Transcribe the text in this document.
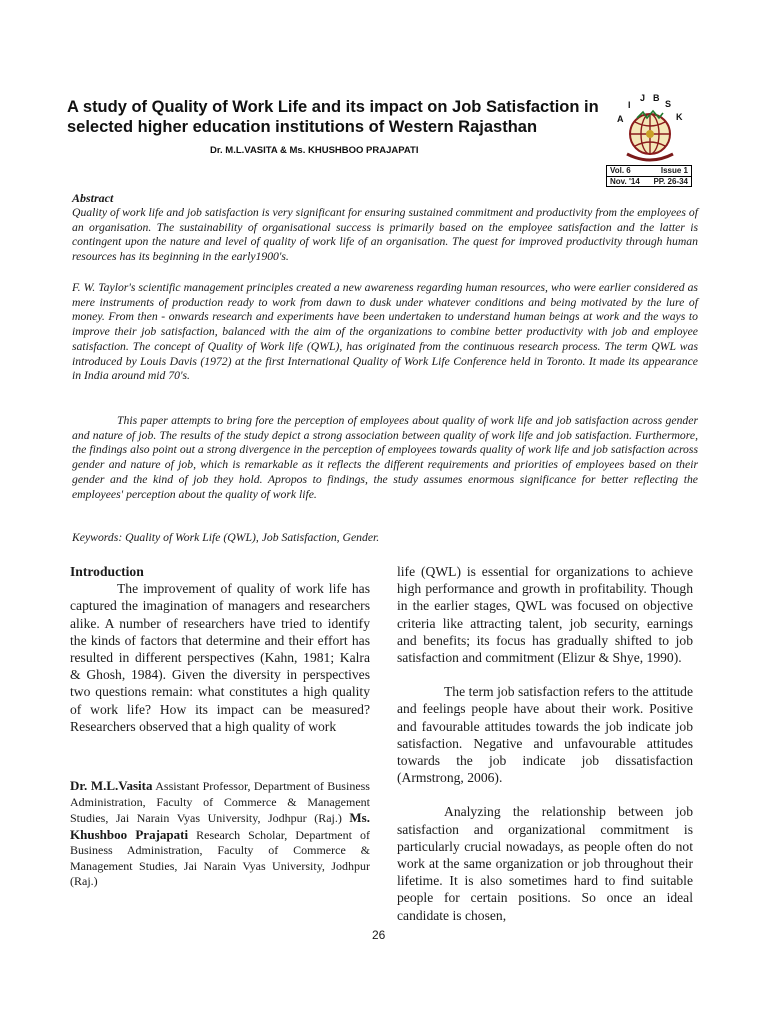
A study of Quality of Work Life and its impact on Job Satisfaction in selected higher education institutions of Western Rajasthan
Dr. M.L.VASITA & Ms. KHUSHBOO PRAJAPATI
A
I
J B
S
K
Vol. 6	Issue 1
Nov. '14 PP. 26-34
Abstract
Quality of work life and job satisfaction is very significant for ensuring sustained commitment and productivity from the employees of an organisation. The sustainability of organisational success is primarily based on the employee satisfaction and the latter is contingent upon the nature and level of quality of work life of an organisation. The quest for improved productivity through human resources has its beginning in the early1900's.
F. W. Taylor's scientific management principles created a new awareness regarding human resources, who were earlier considered as mere instruments of production ready to work from dawn to dusk under whatever conditions and being motivated by the lure of money. From then - onwards research and experiments have been undertaken to understand human beings at work and the ways to improve their job satisfaction, balanced with the aim of the organizations to combine better productivity with job and employee satisfaction. The concept of Quality of Work life (QWL), has originated from the continuous research process. The term QWL was introduced by Louis Davis (1972) at the first International Quality of Work Life Conference held in Toronto. It made its appearance in India around mid 70's.
This paper attempts to bring fore the perception of employees about quality of work life and job satisfaction across gender and nature of job. The results of the study depict a strong association between quality of work life and job satisfaction. Furthermore, the findings also point out a strong divergence in the perception of employees towards quality of work life and job satisfaction across gender and nature of job, which is remarkable as it reflects the different requirements and priorities of employees based on their gender and the kind of job they hold. Apropos to findings, the study assumes enormous significance for better reflecting the employees' perception about the quality of work life.
Keywords: Quality of Work Life (QWL), Job Satisfaction, Gender.
Introduction
The improvement of quality of work life has captured the imagination of managers and researchers alike. A number of researchers have tried to identify the kinds of factors that determine and their effort has resulted in different perspectives (Kahn, 1981; Kalra & Ghosh, 1984). Given the diversity in perspectives two questions remain: what constitutes a high quality of work life? How its impact can be measured? Researchers observed that a high quality of work
Dr. M.L.Vasita Assistant Professor, Department of Business Administration, Faculty of Commerce & Management Studies, Jai Narain Vyas University, Jodhpur (Raj.) Ms. Khushboo Prajapati Research Scholar, Department of Business Administration, Faculty of Commerce & Management Studies, Jai Narain Vyas University, Jodhpur (Raj.)
life (QWL) is essential for organizations to achieve high performance and growth in profitability. Though in the earlier stages, QWL was focused on objective criteria like attracting talent, job security, earnings and benefits; its focus has gradually shifted to job satisfaction and commitment (Elizur & Shye, 1990).
The term job satisfaction refers to the attitude and feelings people have about their work. Positive and favourable attitudes towards the job indicate job satisfaction. Negative and unfavourable attitudes towards the job indicate job dissatisfaction (Armstrong, 2006).
Analyzing the relationship between job satisfaction and organizational commitment is particularly crucial nowadays, as people often do not work at the same organization or job throughout their lifetime. It is also sometimes hard to find suitable people for certain positions. So once an ideal candidate is chosen,
26
